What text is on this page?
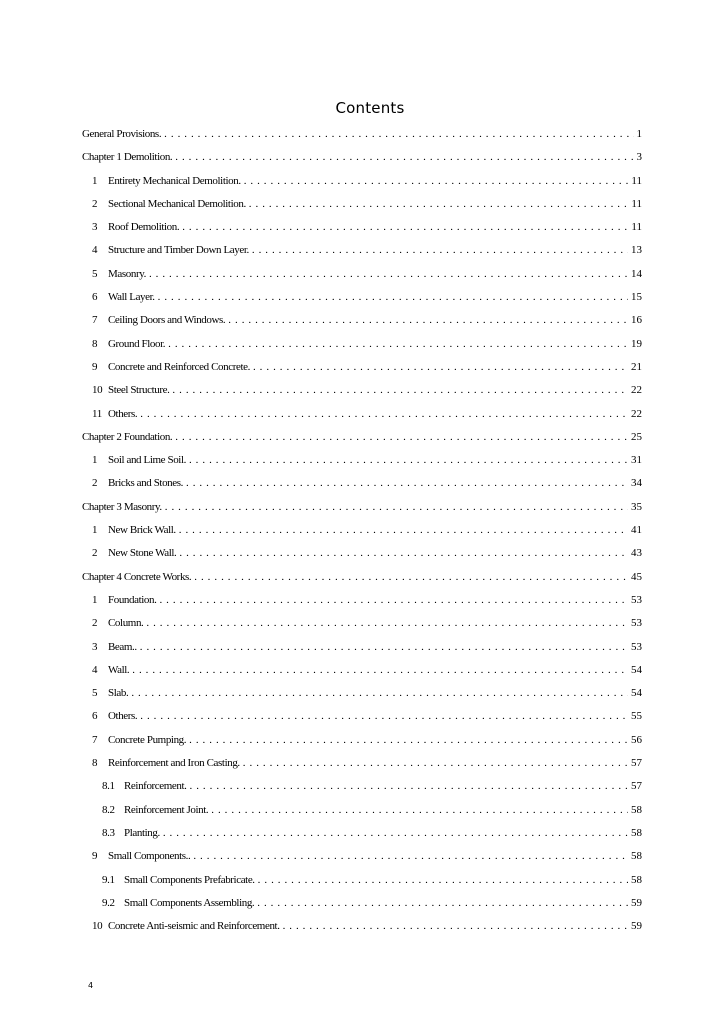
Contents
General Provisions. . . .	1
Chapter 1 Demolition. . . .	3
1 Entirety Mechanical Demolition. . . .	11
2 Sectional Mechanical Demolition. . . .	11
3 Roof Demolition. . . .	11
4 Structure and Timber Down Layer. . . .	13
5 Masonry. . . .	14
6 Wall Layer. . . .	15
7 Ceiling Doors and Windows. . . .	16
8 Ground Floor. . . .	19
9 Concrete and Reinforced Concrete. . . .	21
10 Steel Structure. . . .	22
11 Others. . . .	22
Chapter 2 Foundation. . . .	25
1 Soil and Lime Soil. . . .	31
2 Bricks and Stones. . . .	34
Chapter 3 Masonry. . . .	35
1 New Brick Wall. . . .	41
2 New Stone Wall. . . .	43
Chapter 4 Concrete Works. . . .	45
1 Foundation. . . .	53
2 Column. . . .	53
3 Beam.. . . .	53
4 Wall. . . .	54
5 Slab. . . .	54
6 Others. . . .	55
7 Concrete Pumping. . . .	56
8 Reinforcement and Iron Casting. . . .	57
8.1 Reinforcement. . . .	57
8.2 Reinforcement Joint. . . .	58
8.3 Planting. . . .	58
9 Small Components.. . . .	58
9.1 Small Components Prefabricate. . . .	58
9.2 Small Components Assembling. . . .	59
10 Concrete Anti-seismic and Reinforcement. . . .	59
4
